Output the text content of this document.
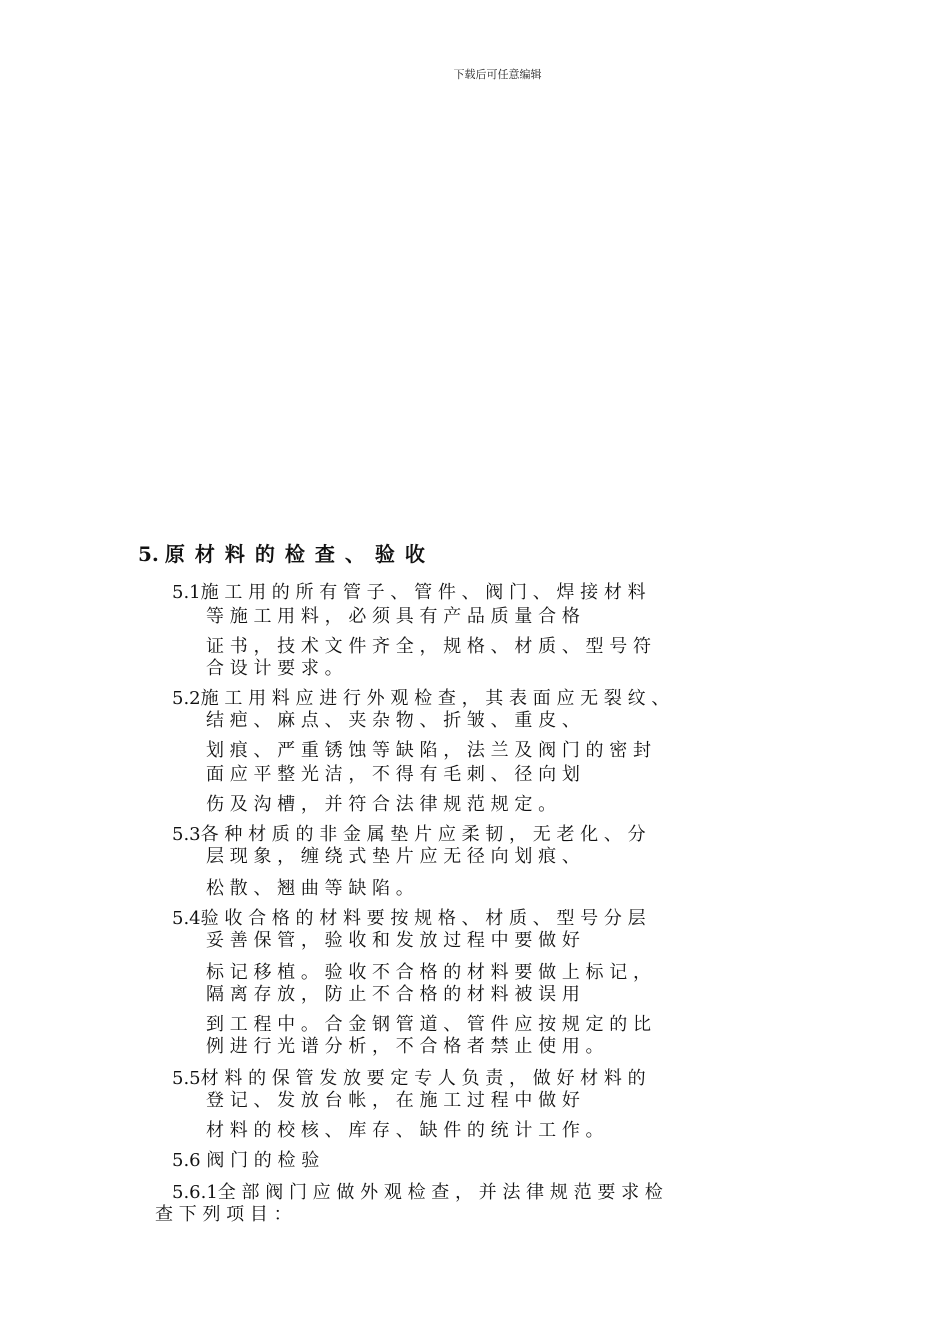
下载后可任意编辑
5. 原材料的检查、验收
5.1施 工 用 的 所 有 管 子 、 管 件 、 阀 门 、 焊 接 材 料
等 施 工 用 料 ， 必 须 具 有 产 品 质 量 合 格
证 书 ， 技 术 文 件 齐 全 ， 规 格 、 材 质 、 型 号 符
合 设 计 要 求 。
5.2施 工 用 料 应 进 行 外 观 检 查 ， 其 表 面 应 无 裂 纹 、
结 疤 、 麻 点 、 夹 杂 物 、 折 皱 、 重 皮 、
划 痕 、 严 重 锈 蚀 等 缺 陷 ， 法 兰 及 阀 门 的 密 封
面 应 平 整 光 洁 ， 不 得 有 毛 刺 、 径 向 划
伤 及 沟 槽 ， 并 符 合 法 律 规 范 规 定 。
5.3各 种 材 质 的 非 金 属 垫 片 应 柔 韧 ， 无 老 化 、 分
层 现 象 ， 缠 绕 式 垫 片 应 无 径 向 划 痕 、
松 散 、 翘 曲 等 缺 陷 。
5.4验 收 合 格 的 材 料 要 按 规 格 、 材 质 、 型 号 分 层
妥 善 保 管 ， 验 收 和 发 放 过 程 中 要 做 好
标 记 移 植 。 验 收 不 合 格 的 材 料 要 做 上 标 记 ，
隔 离 存 放 ， 防 止 不 合 格 的 材 料 被 误 用
到 工 程 中 。 合 金 钢 管 道 、 管 件 应 按 规 定 的 比
例 进 行 光 谱 分 析 ， 不 合 格 者 禁 止 使 用 。
5.5材 料 的 保 管 发 放 要 定 专 人 负 责 ， 做 好 材 料 的
登 记 、 发 放 台 帐 ， 在 施 工 过 程 中 做 好
材 料 的 校 核 、 库 存 、 缺 件 的 统 计 工 作 。
5.6 阀 门 的 检 验
5.6.1全 部 阀 门 应 做 外 观 检 查 ， 并 法 律 规 范 要 求 检
查 下 列 项 目 ：
